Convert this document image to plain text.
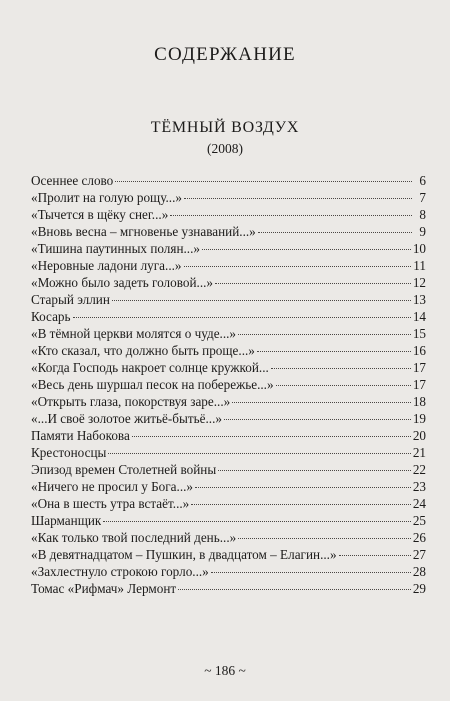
СОДЕРЖАНИЕ
ТЁМНЫЙ ВОЗДУХ
(2008)
Осеннее слово	6
«Пролит на голую рощу...»	7
«Тычется в щёку снег...»	8
«Вновь весна – мгновенье узнаваний...»	9
«Тишина паутинных полян...»	10
«Неровные ладони луга...»	11
«Можно было задеть головой...»	12
Старый эллин	13
Косарь	14
«В тёмной церкви молятся о чуде...»	15
«Кто сказал, что должно быть проще...»	16
«Когда Господь накроет солнце кружкой...	17
«Весь день шуршал песок на побережье...»	17
«Открыть глаза, покорствуя заре...»	18
«...И своё золотое житьё-бытьё...»	19
Памяти Набокова	20
Крестоносцы	21
Эпизод времен Столетней войны	22
«Ничего не просил у Бога...»	23
«Она в шесть утра встаёт...»	24
Шарманщик	25
«Как только твой последний день...»	26
«В девятнадцатом – Пушкин, в двадцатом – Елагин...»	27
«Захлестнуло строкою горло...»	28
Томас «Рифмач» Лермонт	29
~ 186 ~
